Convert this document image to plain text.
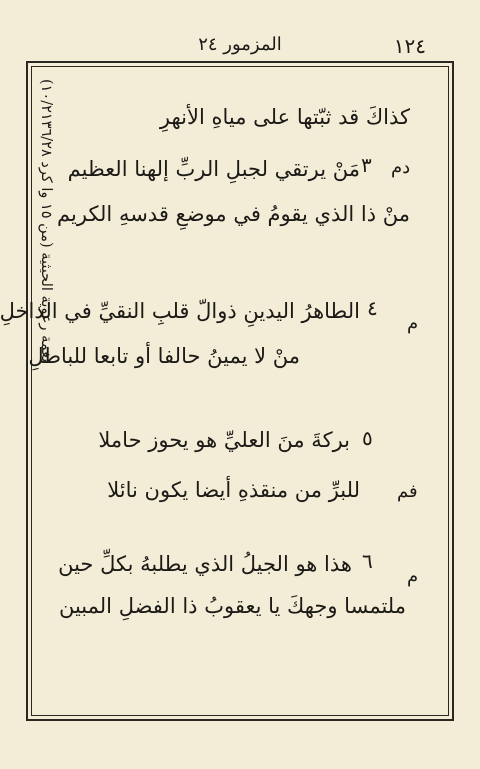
١٢٤
المزمور ٢٤
نغمة رعوية الحيثية (من ١٥ وا كرد ١٠/٢١٣٦/٢٨)
كذاكَ قد ثبّتها على مياهِ الأنهرِ
دم
٣
مَنْ يرتقي لجبلِ الربِّ إلهنا العظيم
منْ ذا الذي يقومُ في موضعِ قدسهِ الكريم
م
٤
الطاهرُ اليدينِ ذوالّ قلبِ النقيِّ في الداخلِ
منْ لا يمينُ حالفا أو تابعا للباطلِ
٥
بركةَ منَ العليِّ هو يحوز حاملا
فم
للبرِّ من منقذهِ أيضا يكون نائلا
م
٦
هذا هو الجيلُ الذي يطلبهُ بكلِّ حين
ملتمسا وجهكَ يا يعقوبُ ذا الفضلِ المبين
